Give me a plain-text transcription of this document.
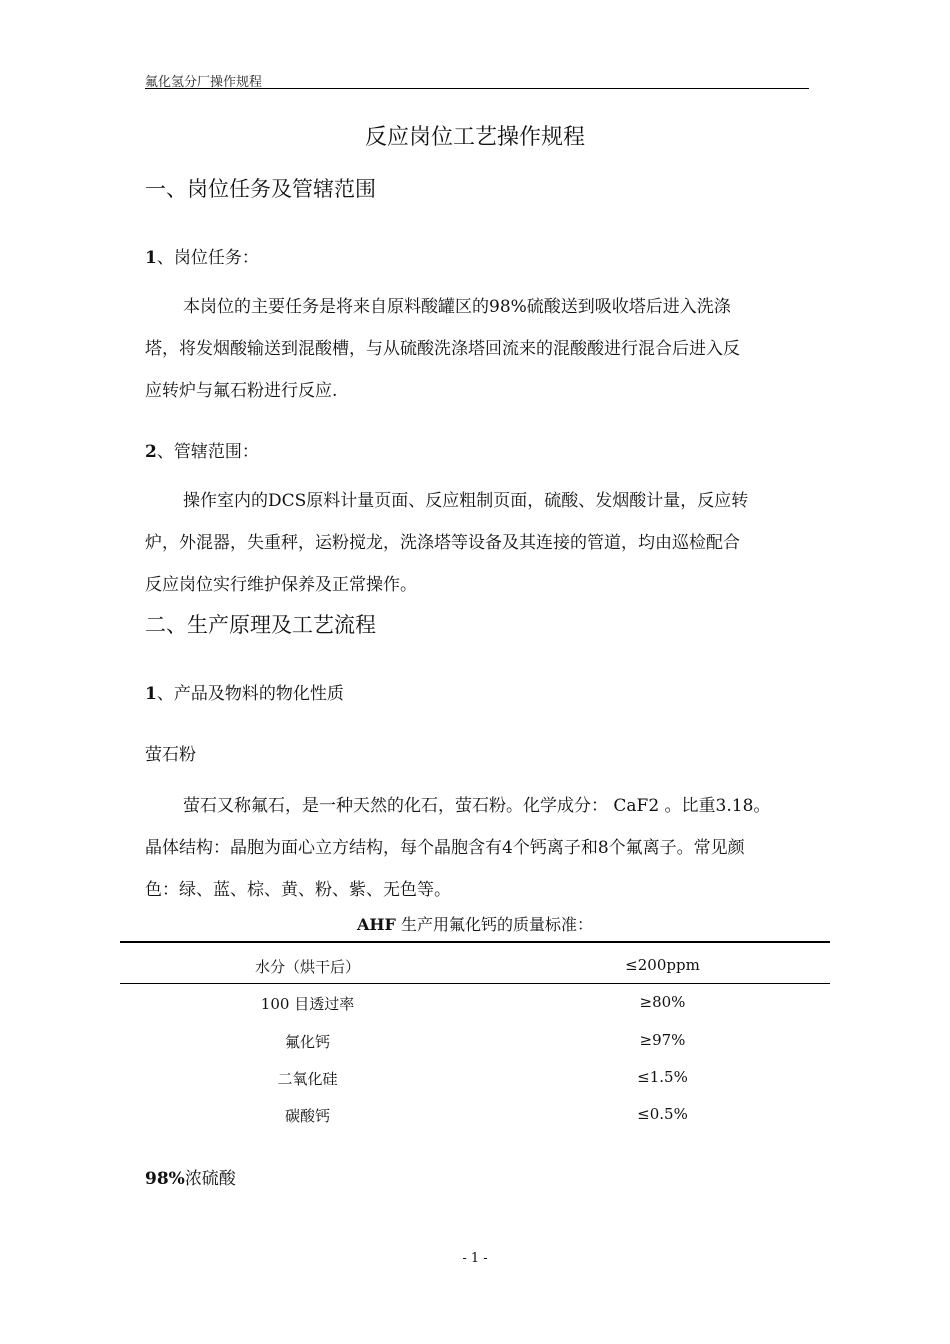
氟化氢分厂操作规程
反应岗位工艺操作规程
一、岗位任务及管辖范围
1、岗位任务：
本岗位的主要任务是将来自原料酸罐区的98%硫酸送到吸收塔后进入洗涤
塔，将发烟酸输送到混酸槽，与从硫酸洗涤塔回流来的混酸酸进行混合后进入反
应转炉与氟石粉进行反应.
2、管辖范围：
操作室内的DCS原料计量页面、反应粗制页面，硫酸、发烟酸计量，反应转
炉，外混器，失重秤，运粉搅龙，洗涤塔等设备及其连接的管道，均由巡检配合
反应岗位实行维护保养及正常操作。
二、生产原理及工艺流程
1、产品及物料的物化性质
萤石粉
萤石又称氟石，是一种天然的化石，萤石粉。化学成分： CaF2 。比重3.18。
晶体结构：晶胞为面心立方结构，每个晶胞含有4个钙离子和8个氟离子。常见颜
色：绿、蓝、棕、黄、粉、紫、无色等。
AHF 生产用氟化钙的质量标准：
水分（烘干后）	≤200ppm
100 目透过率	≥80%
氟化钙	≥97%
二氧化硅	≤1.5%
碳酸钙	≤0.5%
98%浓硫酸
- 1 -
